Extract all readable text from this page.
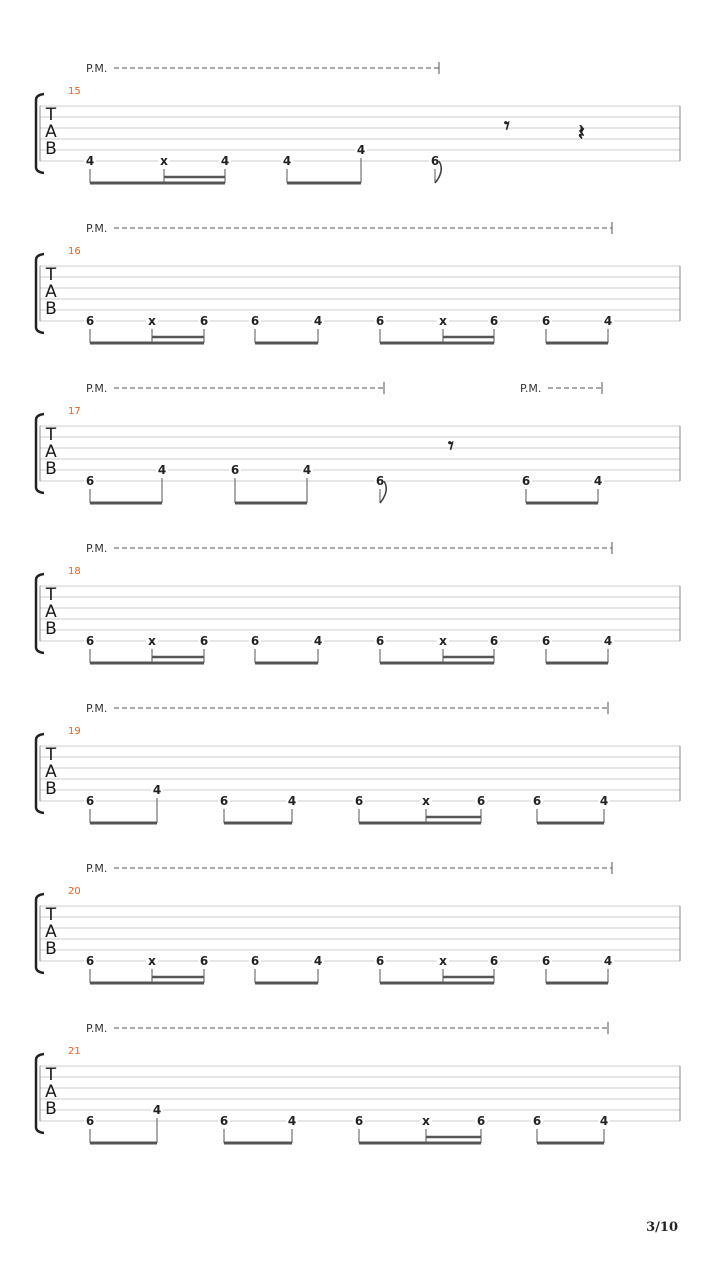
P.M.
15
T
A
B
4	x	4	4
4
6
𝄾	𝄽
P.M.
16
T
A
B
6	x	6	6	4	6	x	6	6	4
P.M.	P.M.
17
T
A
B
6
4	6	4
6	6	4
𝄾
P.M.
18
T
A
B
6	x	6	6	4	6	x	6	6	4
P.M.
19
T
A
B
6
4
6	4	6	x	6	6	4
P.M.
20
T
A
B
6	x	6	6	4	6	x	6	6	4
P.M.
21
T
A
B
6
4
6	4	6	x	6	6	4
3/10
